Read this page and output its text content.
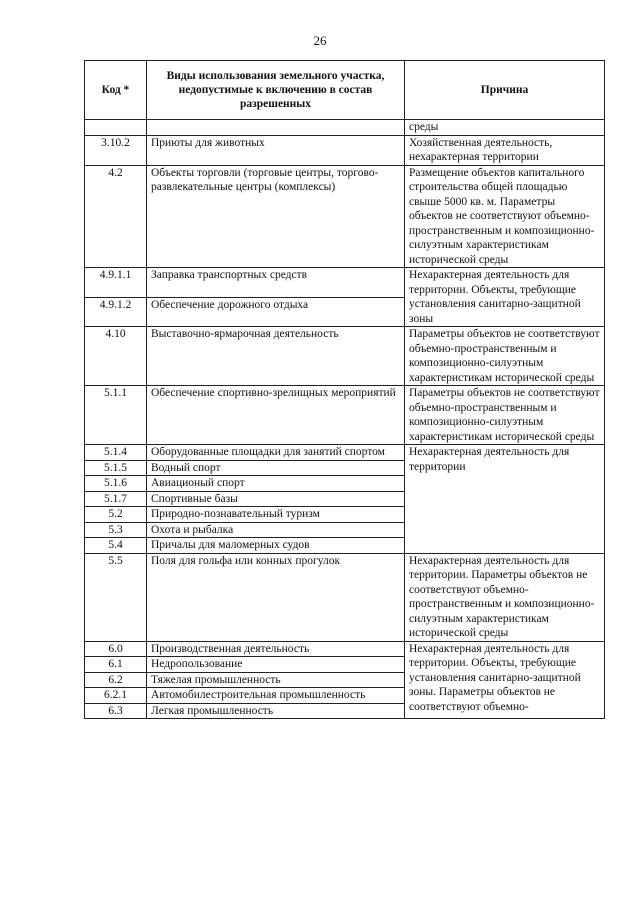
26
Код *	Виды использования земельного участка, недопустимые к включению в состав разрешенных	Причина
		среды
3.10.2	Приюты для животных	Хозяйственная деятельность, нехарактерная территории
4.2	Объекты торговли (торговые центры, торгово-развлекательные центры (комплексы)	Размещение объектов капитального строительства общей площадью свыше 5000 кв. м. Параметры объектов не соответствуют объемно-пространственным и композиционно-силуэтным характеристикам исторической среды
4.9.1.1	Заправка транспортных средств	Нехарактерная деятельность для территории. Объекты, требующие установления санитарно-защитной зоны
4.9.1.2	Обеспечение дорожного отдыха	
4.10	Выставочно-ярмарочная деятельность	Параметры объектов не соответствуют объемно-пространственным и композиционно-силуэтным характеристикам исторической среды
5.1.1	Обеспечение спортивно-зрелищных мероприятий	Параметры объектов не соответствуют объемно-пространственным и композиционно-силуэтным характеристикам исторической среды
5.1.4	Оборудованные площадки для занятий спортом	Нехарактерная деятельность для территории
5.1.5	Водный спорт	
5.1.6	Авиационый спорт	
5.1.7	Спортивные базы	
5.2	Природно-познавательный туризм	
5.3	Охота и рыбалка	
5.4	Причалы для маломерных судов	
5.5	Поля для гольфа или конных прогулок	Нехарактерная деятельность для территории. Параметры объектов не соответствуют объемно-пространственным и композиционно-силуэтным характеристикам исторической среды
6.0	Производственная деятельность	Нехарактерная деятельность для территории. Объекты, требующие установления санитарно-защитной зоны. Параметры объектов не соответствуют объемно-
6.1	Недропользование	
6.2	Тяжелая промышленность	
6.2.1	Автомобилестроительная промышленность	
6.3	Легкая промышленность	
